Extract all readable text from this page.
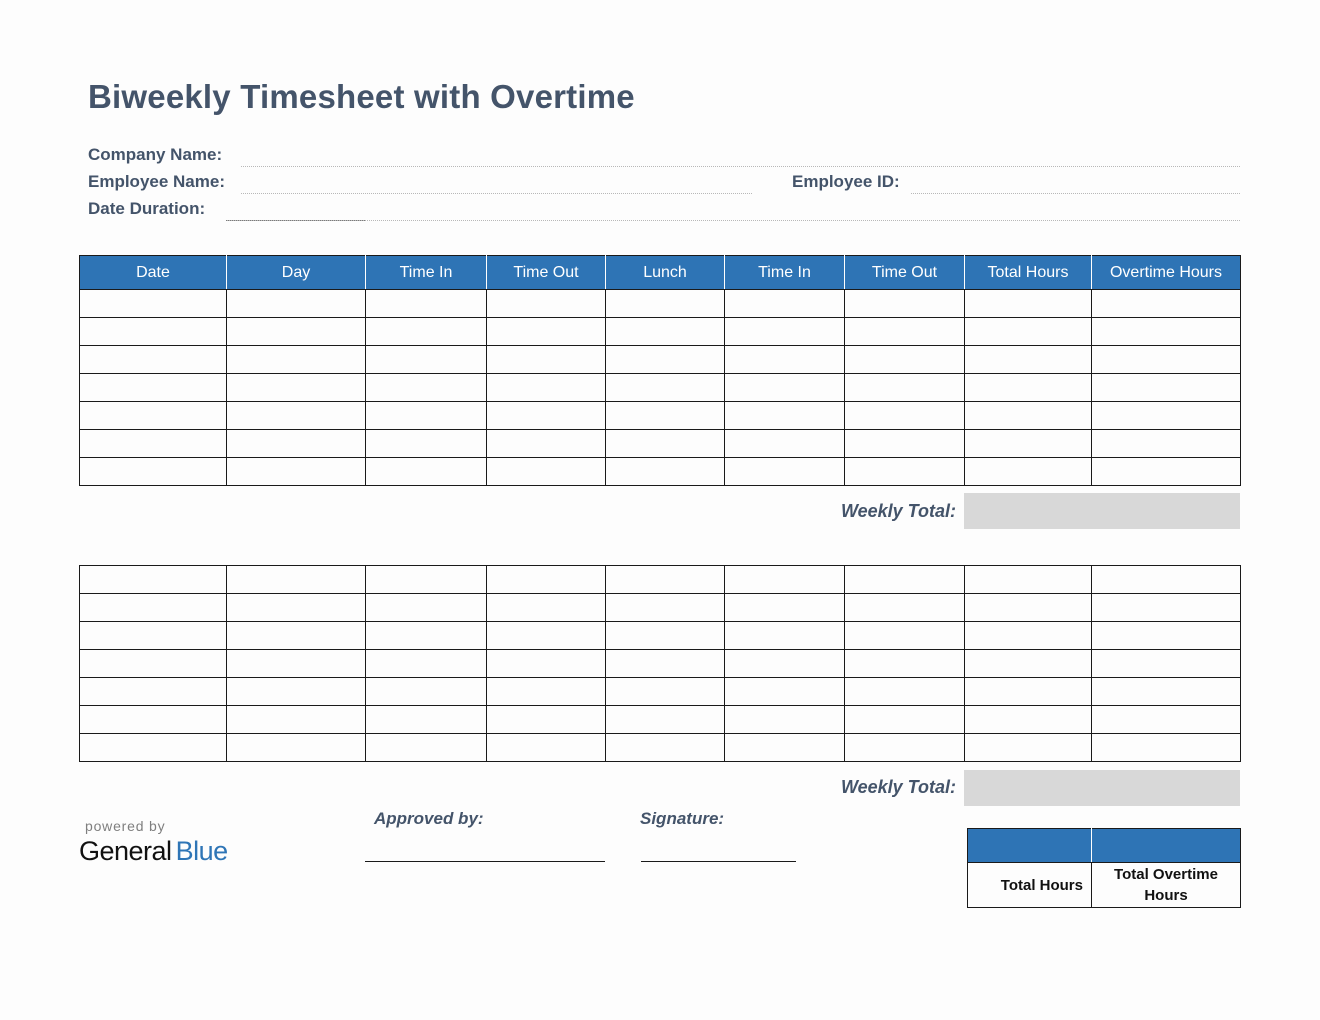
Biweekly Timesheet with Overtime
Company Name:
Employee Name:	Employee ID:
Date Duration:
Date	Day	Time In	Time Out	Lunch	Time In	Time Out	Total Hours	Overtime Hours

Weekly Total:

Weekly Total:
powered by
General Blue
Approved by:	Signature:

Total Hours	Total Overtime Hours
